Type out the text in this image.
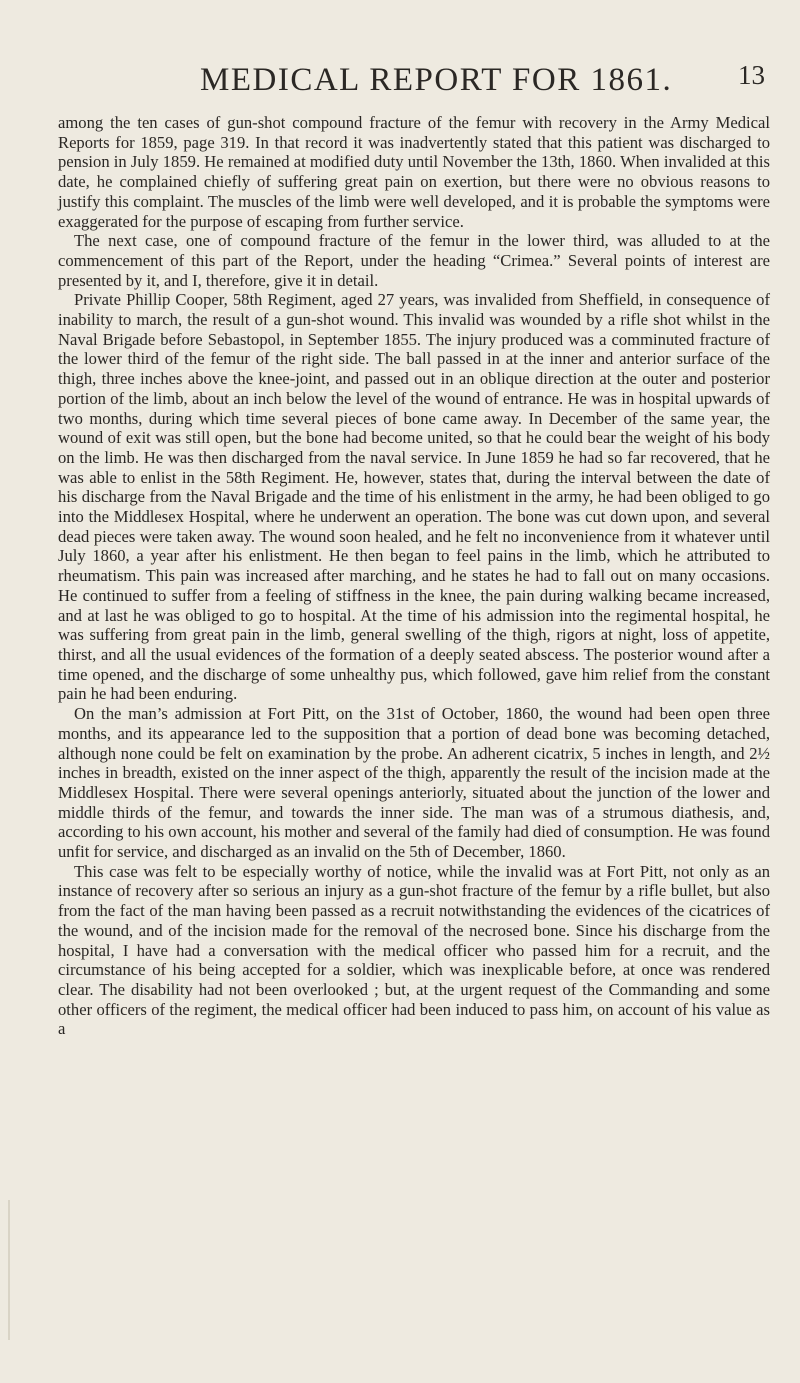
MEDICAL REPORT FOR 1861. 13

among the ten cases of gun-shot compound fracture of the femur with recovery in the Army Medical Reports for 1859, page 319. In that record it was inadvertently stated that this patient was discharged to pension in July 1859. He remained at modified duty until November the 13th, 1860. When invalided at this date, he complained chiefly of suffering great pain on exertion, but there were no obvious reasons to justify this complaint. The muscles of the limb were well developed, and it is probable the symptoms were exaggerated for the purpose of escaping from further service.

The next case, one of compound fracture of the femur in the lower third, was alluded to at the commencement of this part of the Report, under the heading “Crimea.” Several points of interest are presented by it, and I, therefore, give it in detail.

Private Phillip Cooper, 58th Regiment, aged 27 years, was invalided from Sheffield, in consequence of inability to march, the result of a gun-shot wound. This invalid was wounded by a rifle shot whilst in the Naval Brigade before Sebastopol, in September 1855. The injury produced was a comminuted fracture of the lower third of the femur of the right side. The ball passed in at the inner and anterior surface of the thigh, three inches above the knee-joint, and passed out in an oblique direction at the outer and posterior portion of the limb, about an inch below the level of the wound of entrance. He was in hospital upwards of two months, during which time several pieces of bone came away. In December of the same year, the wound of exit was still open, but the bone had become united, so that he could bear the weight of his body on the limb. He was then discharged from the naval service. In June 1859 he had so far recovered, that he was able to enlist in the 58th Regiment. He, however, states that, during the interval between the date of his discharge from the Naval Brigade and the time of his enlistment in the army, he had been obliged to go into the Middlesex Hospital, where he underwent an operation. The bone was cut down upon, and several dead pieces were taken away. The wound soon healed, and he felt no inconvenience from it whatever until July 1860, a year after his enlistment. He then began to feel pains in the limb, which he attributed to rheumatism. This pain was increased after marching, and he states he had to fall out on many occasions. He continued to suffer from a feeling of stiffness in the knee, the pain during walking became increased, and at last he was obliged to go to hospital. At the time of his admission into the regimental hospital, he was suffering from great pain in the limb, general swelling of the thigh, rigors at night, loss of appetite, thirst, and all the usual evidences of the formation of a deeply seated abscess. The posterior wound after a time opened, and the discharge of some unhealthy pus, which followed, gave him relief from the constant pain he had been enduring.

On the man’s admission at Fort Pitt, on the 31st of October, 1860, the wound had been open three months, and its appearance led to the supposition that a portion of dead bone was becoming detached, although none could be felt on examination by the probe. An adherent cicatrix, 5 inches in length, and 2½ inches in breadth, existed on the inner aspect of the thigh, apparently the result of the incision made at the Middlesex Hospital. There were several openings anteriorly, situated about the junction of the lower and middle thirds of the femur, and towards the inner side. The man was of a strumous diathesis, and, according to his own account, his mother and several of the family had died of consumption. He was found unfit for service, and discharged as an invalid on the 5th of December, 1860.

This case was felt to be especially worthy of notice, while the invalid was at Fort Pitt, not only as an instance of recovery after so serious an injury as a gun-shot fracture of the femur by a rifle bullet, but also from the fact of the man having been passed as a recruit notwithstanding the evidences of the cicatrices of the wound, and of the incision made for the removal of the necrosed bone. Since his discharge from the hospital, I have had a conversation with the medical officer who passed him for a recruit, and the circumstance of his being accepted for a soldier, which was inexplicable before, at once was rendered clear. The disability had not been overlooked ; but, at the urgent request of the Commanding and some other officers of the regiment, the medical officer had been induced to pass him, on account of his value as a
